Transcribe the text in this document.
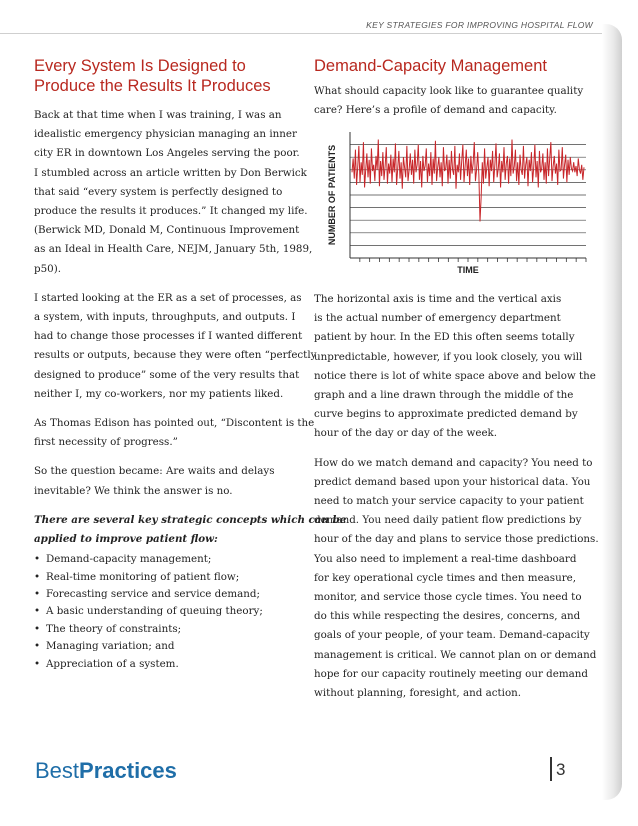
KEY STRATEGIES FOR IMPROVING HOSPITAL FLOW
Every System Is Designed to
Produce the Results It Produces
Back at that time when I was training, I was an
idealistic emergency physician managing an inner
city ER in downtown Los Angeles serving the poor.
I stumbled across an article written by Don Berwick
that said “every system is perfectly designed to
produce the results it produces.” It changed my life.
(Berwick MD, Donald M, Continuous Improvement
as an Ideal in Health Care, NEJM, January 5th, 1989,
p50).
I started looking at the ER as a set of processes, as
a system, with inputs, throughputs, and outputs. I
had to change those processes if I wanted different
results or outputs, because they were often “perfectly
designed to produce” some of the very results that
neither I, my co-workers, nor my patients liked.
As Thomas Edison has pointed out, “Discontent is the
first necessity of progress.”
So the question became: Are waits and delays
inevitable? We think the answer is no.
There are several key strategic concepts which can be
applied to improve patient flow:
• Demand-capacity management;
• Real-time monitoring of patient flow;
• Forecasting service and service demand;
• A basic understanding of queuing theory;
• The theory of constraints;
• Managing variation; and
• Appreciation of a system.
Demand-Capacity Management
What should capacity look like to guarantee quality
care? Here’s a profile of demand and capacity.
NUMBER OF PATIENTS
TIME
The horizontal axis is time and the vertical axis
is the actual number of emergency department
patient by hour. In the ED this often seems totally
unpredictable, however, if you look closely, you will
notice there is lot of white space above and below the
graph and a line drawn through the middle of the
curve begins to approximate predicted demand by
hour of the day or day of the week.
How do we match demand and capacity? You need to
predict demand based upon your historical data. You
need to match your service capacity to your patient
demand. You need daily patient flow predictions by
hour of the day and plans to service those predictions.
You also need to implement a real-time dashboard
for key operational cycle times and then measure,
monitor, and service those cycle times. You need to
do this while respecting the desires, concerns, and
goals of your people, of your team. Demand-capacity
management is critical. We cannot plan on or demand
hope for our capacity routinely meeting our demand
without planning, foresight, and action.
BestPractices	3
